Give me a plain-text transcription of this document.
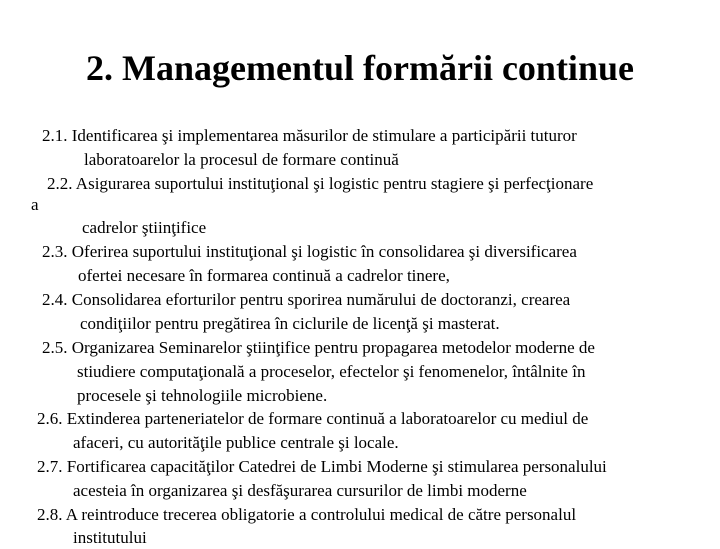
2. Managementul formării continue
2.1. Identificarea şi implementarea măsurilor de stimulare a participării tuturor
laboratoarelor la procesul de formare continuă
2.2. Asigurarea suportului instituţional şi logistic pentru stagiere şi perfecţionare
a
cadrelor ştiinţifice
2.3. Oferirea suportului instituţional şi logistic în consolidarea şi diversificarea
ofertei necesare în formarea continuă a cadrelor tinere,
2.4. Consolidarea eforturilor pentru sporirea numărului de doctoranzi, crearea
condiţiilor pentru pregătirea în ciclurile de licenţă şi masterat.
2.5. Organizarea Seminarelor ştiinţifice pentru propagarea metodelor moderne de
stiudiere computaţională a proceselor, efectelor şi fenomenelor, întâlnite în
procesele şi tehnologiile microbiene.
2.6. Extinderea parteneriatelor de formare continuă a laboratoarelor cu mediul de
afaceri, cu autorităţile publice centrale şi locale.
2.7. Fortificarea capacităţilor Catedrei de Limbi Moderne şi stimularea personalului
acesteia în organizarea şi desfăşurarea cursurilor de limbi moderne
2.8. A reintroduce trecerea obligatorie a controlului medical de către personalul
institutului
